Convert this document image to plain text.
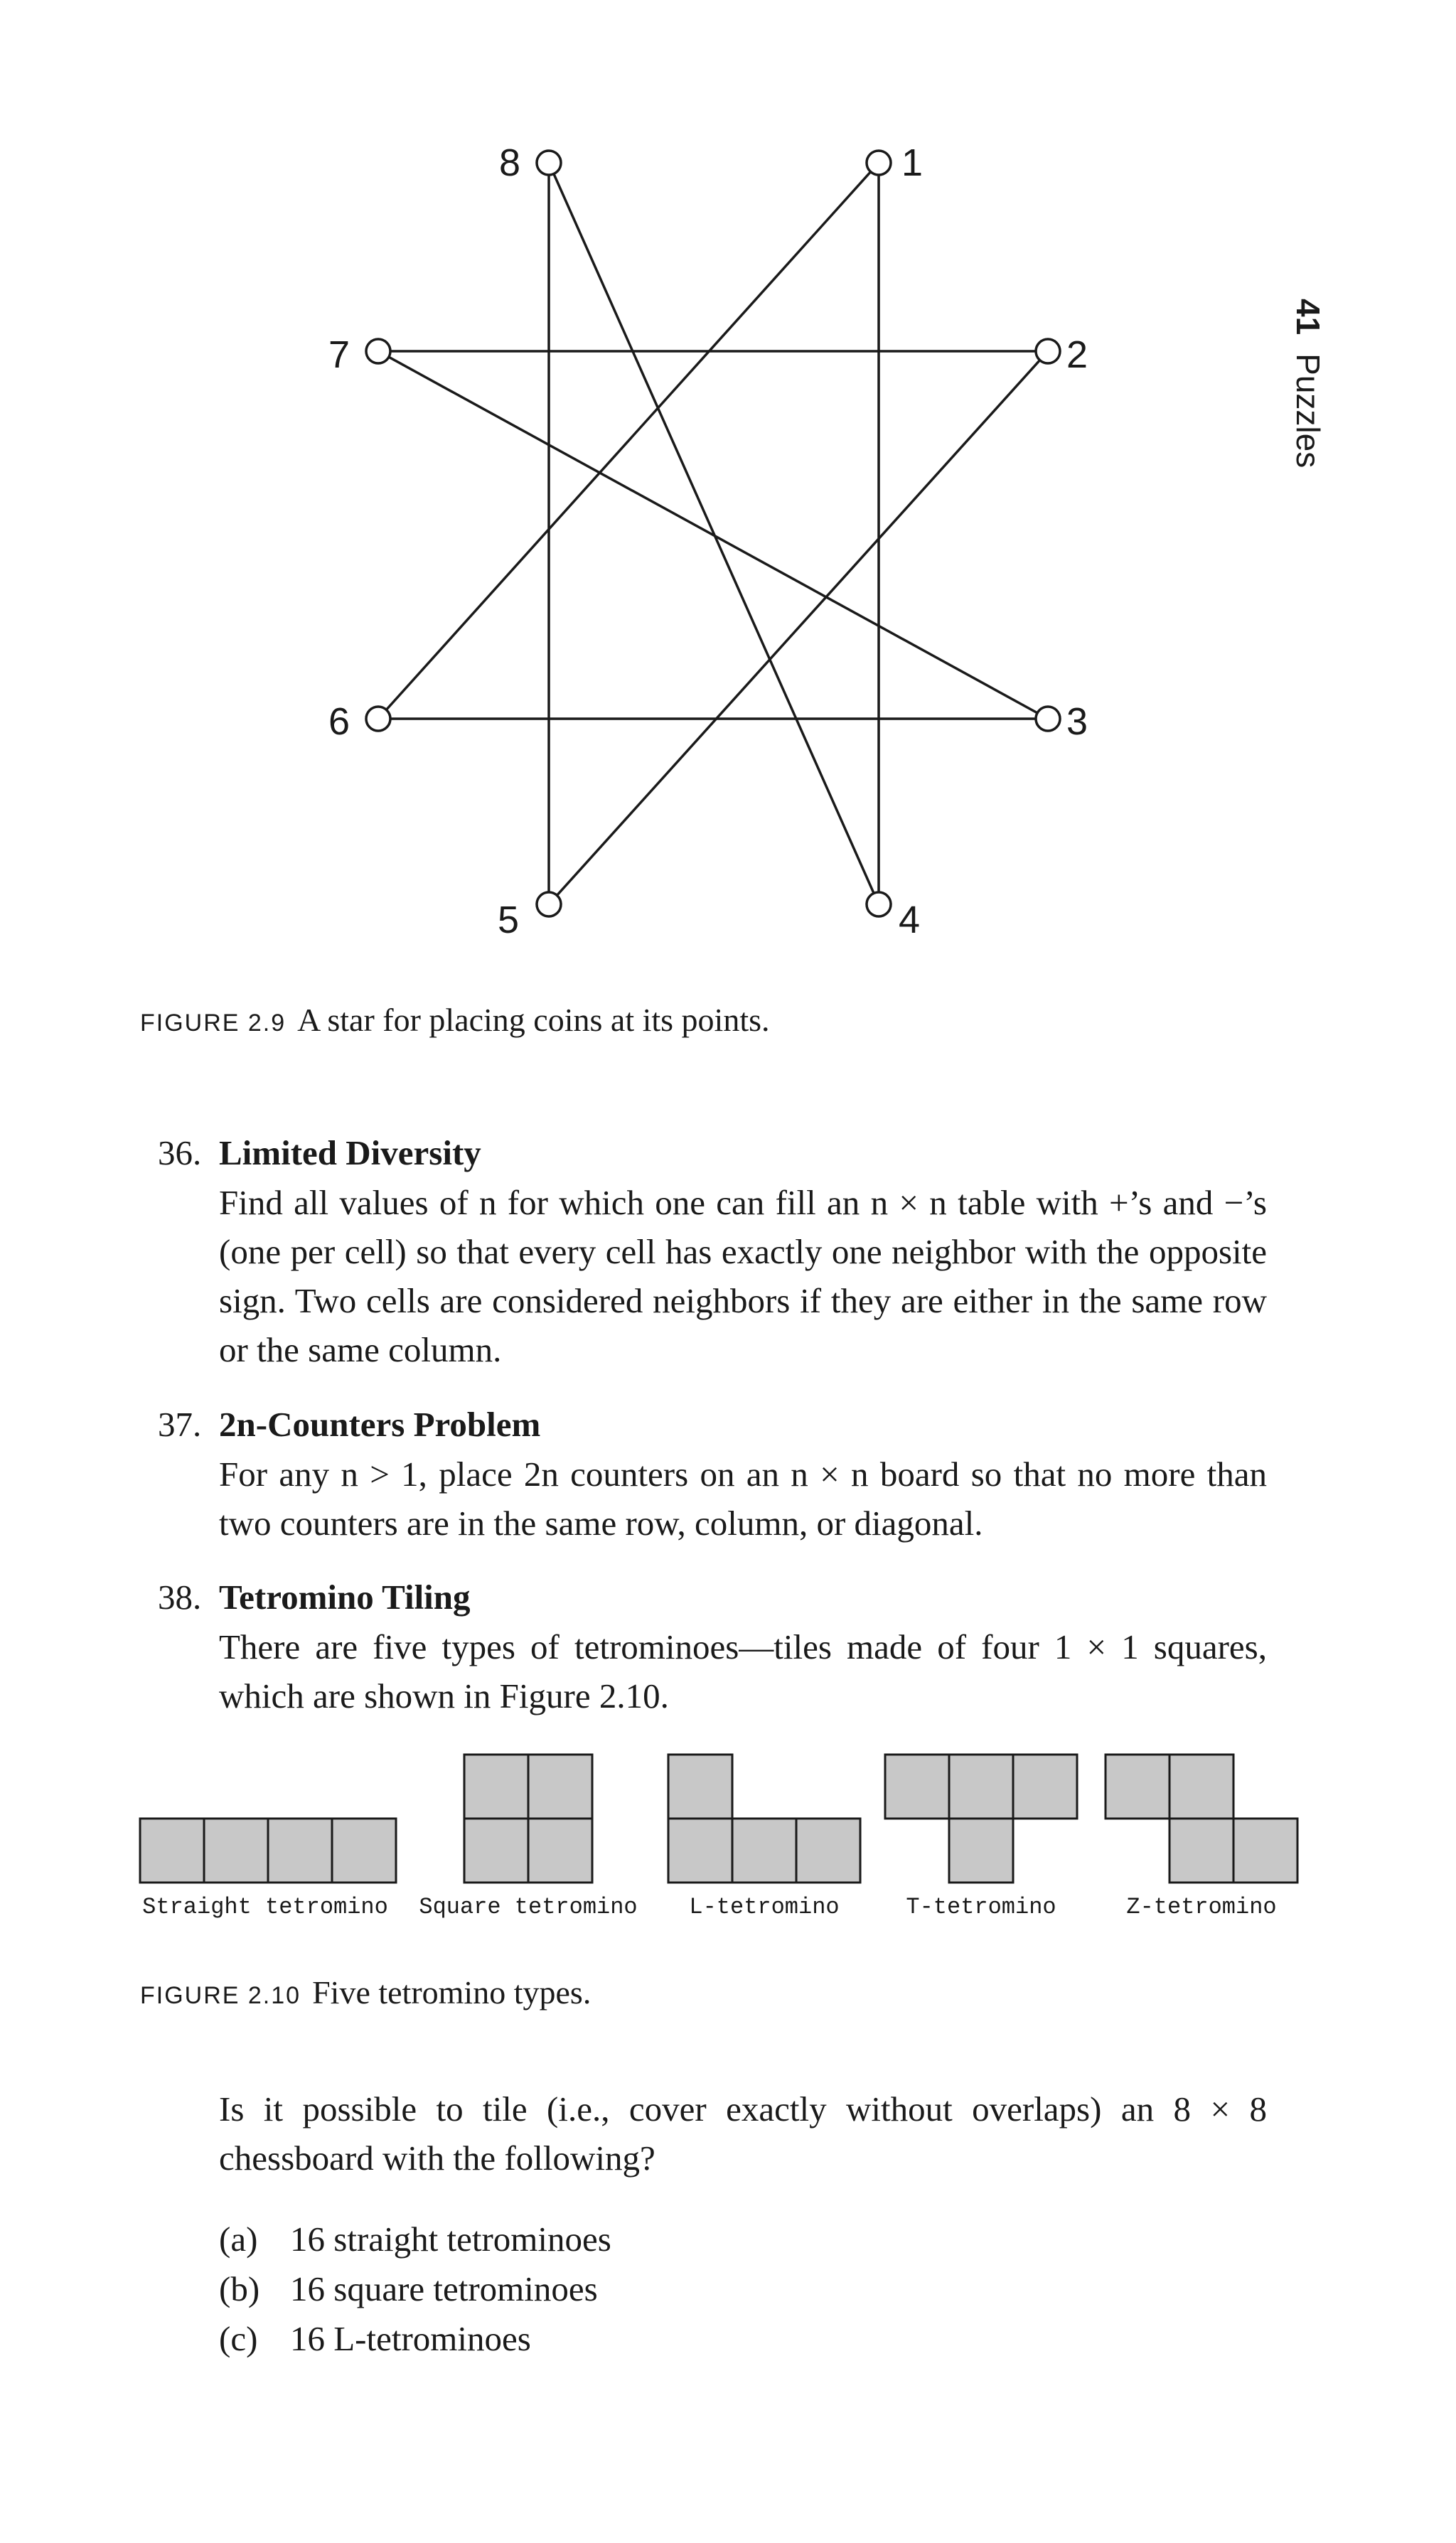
41Puzzles
1
2
3
4
5
6
7
8
FIGURE 2.9 A star for placing coins at its points.
36. Limited Diversity
Find all values of n for which one can fill an n × n table with +’s and −’s (one per cell) so that every cell has exactly one neighbor with the opposite sign. Two cells are considered neighbors if they are either in the same row or the same column.
37. 2n-Counters Problem
For any n > 1, place 2n counters on an n × n board so that no more than two counters are in the same row, column, or diagonal.
38. Tetromino Tiling
There are five types of tetrominoes—tiles made of four 1 × 1 squares, which are shown in Figure 2.10.
Straight tetromino Square tetromino L-tetromino	T-tetromino	Z-tetromino
FIGURE 2.10 Five tetromino types.
Is it possible to tile (i.e., cover exactly without overlaps) an 8 × 8 chessboard with the following?
(a) 16 straight tetrominoes
(b) 16 square tetrominoes
(c) 16 L-tetrominoes
